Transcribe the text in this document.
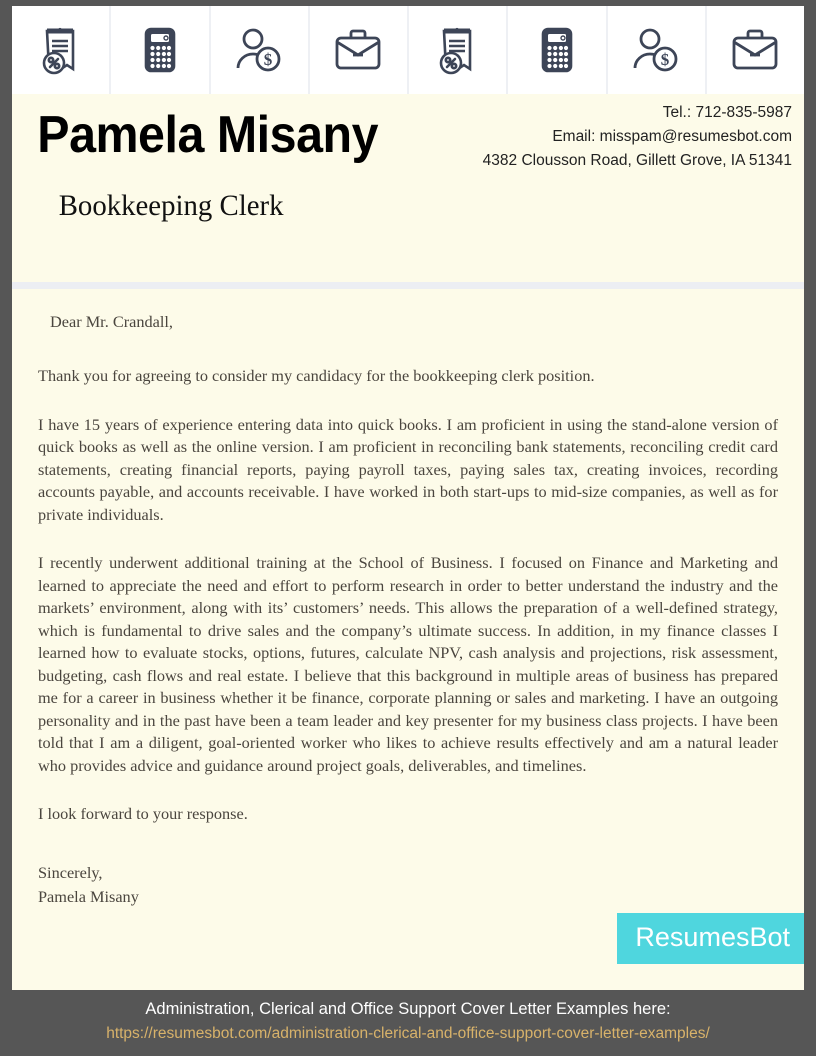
$	$
Pamela Misany
Bookkeeping Clerk
Tel.: 712-835-5987
Email: misspam@resumesbot.com
4382 Clousson Road, Gillett Grove, IA 51341
Dear Mr. Crandall,

Thank you for agreeing to consider my candidacy for the bookkeeping clerk position.

I have 15 years of experience entering data into quick books. I am proficient in using the stand-alone version of quick books as well as the online version. I am proficient in reconciling bank statements, reconciling credit card statements, creating financial reports, paying payroll taxes, paying sales tax, creating invoices, recording accounts payable, and accounts receivable. I have worked in both start-ups to mid-size companies, as well as for private individuals.

I recently underwent additional training at the School of Business. I focused on Finance and Marketing and learned to appreciate the need and effort to perform research in order to better understand the industry and the markets’ environment, along with its’ customers’ needs. This allows the preparation of a well-defined strategy, which is fundamental to drive sales and the company’s ultimate success. In addition, in my finance classes I learned how to evaluate stocks, options, futures, calculate NPV, cash analysis and projections, risk assessment, budgeting, cash flows and real estate. I believe that this background in multiple areas of business has prepared me for a career in business whether it be finance, corporate planning or sales and marketing. I have an outgoing personality and in the past have been a team leader and key presenter for my business class projects. I have been told that I am a diligent, goal-oriented worker who likes to achieve results effectively and am a natural leader who provides advice and guidance around project goals, deliverables, and timelines.

I look forward to your response.
Sincerely,
Pamela Misany
ResumesBot
Administration, Clerical and Office Support Cover Letter Examples here:
https://resumesbot.com/administration-clerical-and-office-support-cover-letter-examples/
